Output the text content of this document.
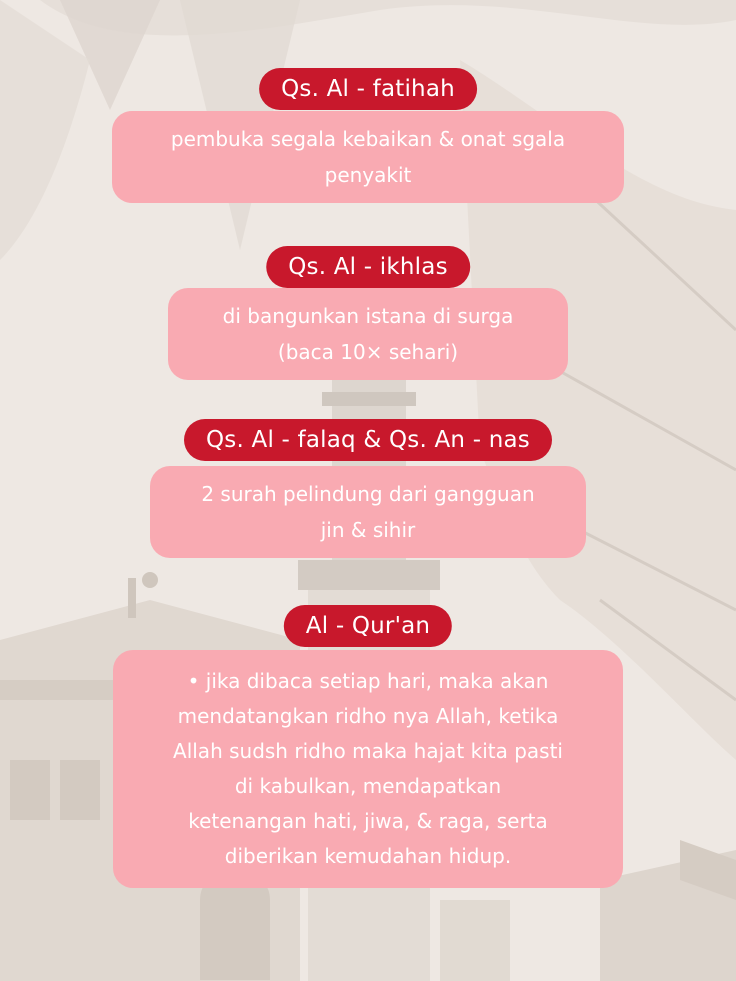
Qs. Al - fatihah
pembuka segala kebaikan & onat sgala
penyakit
Qs. Al - ikhlas
di bangunkan istana di surga
(baca 10× sehari)
Qs. Al - falaq & Qs. An - nas
2 surah pelindung dari gangguan
jin & sihir
Al - Qur'an
• jika dibaca setiap hari, maka akan
mendatangkan ridho nya Allah, ketika
Allah sudsh ridho maka hajat kita pasti
di kabulkan, mendapatkan
ketenangan hati, jiwa, & raga, serta
diberikan kemudahan hidup.
